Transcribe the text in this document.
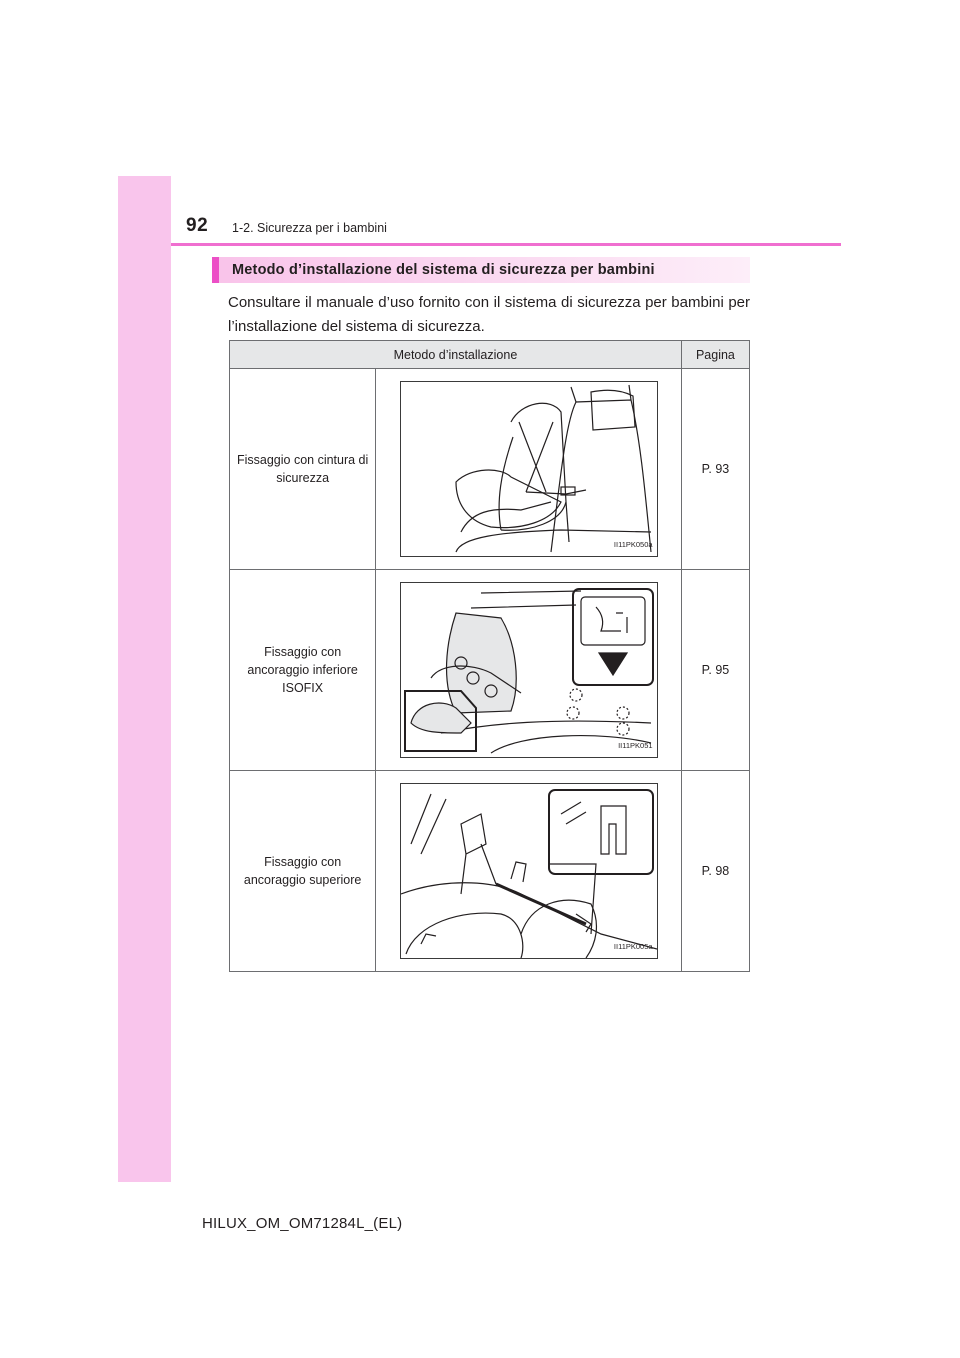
92 1-2. Sicurezza per i bambini
Metodo d’installazione del sistema di sicurezza per bambini

Consultare il manuale d’uso fornito con il sistema di sicurezza per bambini per l’installazione del sistema di sicurezza.

Metodo d’installazione		Pagina

Fissaggio con cintura di sicurezza	II11PK050a	P. 93

Fissaggio con ancoraggio inferiore ISOFIX	II11PK051	P. 95

Fissaggio con ancoraggio superiore	II11PK005a	P. 98
HILUX_OM_OM71284L_(EL)
